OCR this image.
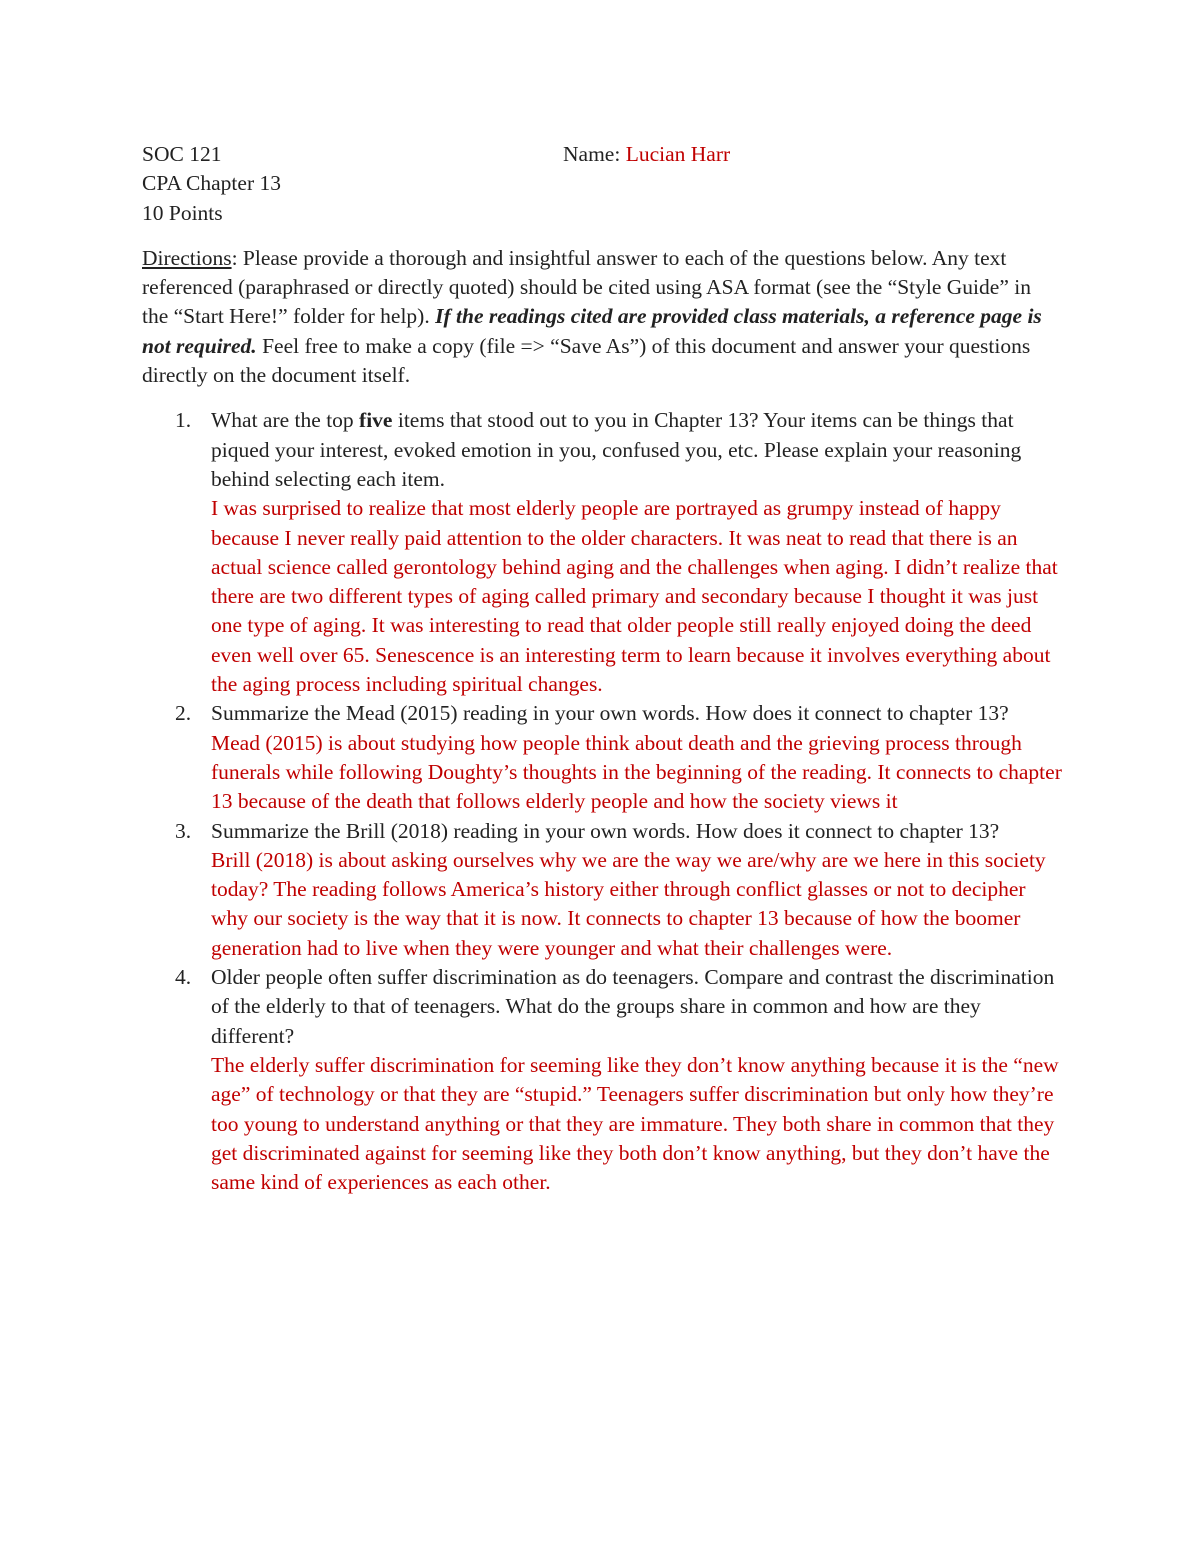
SOC 121	Name: Lucian Harr
CPA Chapter 13
10 Points
Directions: Please provide a thorough and insightful answer to each of the questions below. Any text referenced (paraphrased or directly quoted) should be cited using ASA format (see the “Style Guide” in the “Start Here!” folder for help). If the readings cited are provided class materials, a reference page is not required. Feel free to make a copy (file => “Save As”) of this document and answer your questions directly on the document itself.
1. What are the top five items that stood out to you in Chapter 13? Your items can be things that piqued your interest, evoked emotion in you, confused you, etc. Please explain your reasoning behind selecting each item.
I was surprised to realize that most elderly people are portrayed as grumpy instead of happy because I never really paid attention to the older characters. It was neat to read that there is an actual science called gerontology behind aging and the challenges when aging. I didn’t realize that there are two different types of aging called primary and secondary because I thought it was just one type of aging. It was interesting to read that older people still really enjoyed doing the deed even well over 65. Senescence is an interesting term to learn because it involves everything about the aging process including spiritual changes.
2. Summarize the Mead (2015) reading in your own words. How does it connect to chapter 13?
Mead (2015) is about studying how people think about death and the grieving process through funerals while following Doughty’s thoughts in the beginning of the reading. It connects to chapter 13 because of the death that follows elderly people and how the society views it
3. Summarize the Brill (2018) reading in your own words. How does it connect to chapter 13?
Brill (2018) is about asking ourselves why we are the way we are/why are we here in this society today? The reading follows America’s history either through conflict glasses or not to decipher why our society is the way that it is now. It connects to chapter 13 because of how the boomer generation had to live when they were younger and what their challenges were.
4. Older people often suffer discrimination as do teenagers. Compare and contrast the discrimination of the elderly to that of teenagers. What do the groups share in common and how are they different?
The elderly suffer discrimination for seeming like they don’t know anything because it is the “new age” of technology or that they are “stupid.” Teenagers suffer discrimination but only how they’re too young to understand anything or that they are immature. They both share in common that they get discriminated against for seeming like they both don’t know anything, but they don’t have the same kind of experiences as each other.
